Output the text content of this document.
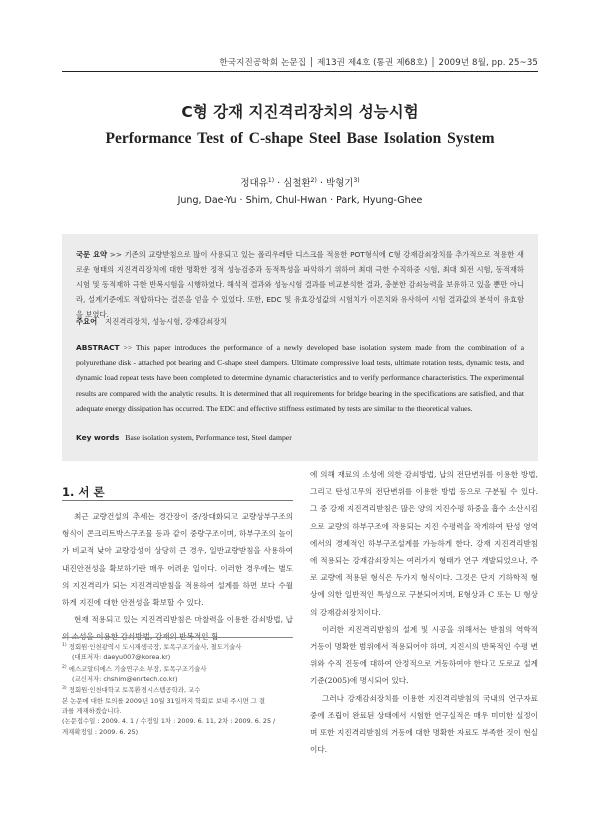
한국지진공학회 논문집 │ 제13권 제4호 (통권 제68호) │ 2009년 8월, pp. 25~35
C형 강재 지진격리장치의 성능시험
Performance Test of C-shape Steel Base Isolation System
정대유$^{1)}$ · 심철환$^{2)}$ · 박형기$^{3)}$
Jung, Dae-Yu · Shim, Chul-Hwan · Park, Hyung-Ghee
국문 요약 >> 기존의 교량받침으로 많이 사용되고 있는 폴리우레탄 디스크를 적용한 POT형식에 C형 강재감쇠장치를 추가적으로 적용한 새로운 형태의 지진격리장치에 대한 명확한 정적 성능검증과 동적특성을 파악하기 위하여 최대 극한 수직하중 시험, 최대 회전 시험, 동적재하 시험 및 동적재하 극한 반복시험을 시행하였다. 해석적 결과와 성능시험 결과를 비교분석한 결과, 충분한 감쇠능력을 보유하고 있을 뿐만 아니라, 설계기준에도 적합하다는 결론을 얻을 수 있었다. 또한, EDC 및 유효강성값의 시험치가 이론치와 유사하여 시험 결과값의 분석이 유효함을 보였다.
주요어 지진격리장치, 성능시험, 강재감쇠장치
ABSTRACT >> This paper introduces the performance of a newly developed base isolation system made from the combination of a polyurethane disk - attached pot bearing and C-shape steel dampers. Ultimate compressive load tests, ultimate rotation tests, dynamic tests, and dynamic load repeat tests have been completed to determine dynamic characteristics and to verify performance characteristics. The experimental results are compared with the analytic results. It is determined that all requirements for bridge bearing in the specifications are satisfied, and that adequate energy dissipation has occurred. The EDC and effective stiffness estimated by tests are similar to the theoretical values.
Key words Base isolation system, Performance test, Steel damper
1. 서 론

최근 교량건설의 추세는 경간장이 중/장대화되고 교량상부구조의 형식이 콘크리트박스구조물 등과 같이 중량구조이며, 하부구조의 높이가 비교적 낮아 교량강성이 상당히 큰 경우, 일반교량받침을 사용하여 내진안전성을 확보하기란 매우 어려운 일이다. 이러한 경우에는 별도의 지진격리가 되는 지진격리받침을 적용하여 설계를 하면 보다 수월하게 지진에 대한 안전성을 확보할 수 있다.

현재 적용되고 있는 지진격리받침은 마찰력을 이용한 감쇠방법, 납의 소성을 이용한 감쇠방법, 강재의 반복적인 휨

에 의해 재료의 소성에 의한 감쇠방법, 납의 전단변위를 이용한 방법, 그리고 탄성고무의 전단변위를 이용한 방법 등으로 구분될 수 있다. 그 중 강재 지진격리받침은 많은 양의 지진수평 하중을 흡수 소산시킴으로 교량의 하부구조에 작용되는 지진 수평력을 작게하여 탄성 영역에서의 경제적인 하부구조설계를 가능하게 한다. 강재 지진격리받침에 적용되는 강재감쇠장치는 여러가지 형태가 연구 개발되었으나, 주로 교량에 적용된 형식은 두가지 형식이다. 그것은 단지 기하학적 형상에 의한 일반적인 특성으로 구분되어지며, E형상과 C 또는 U 형상의 강재감쇠장치이다.

이러한 지진격리받침의 설계 및 시공을 위해서는 받침의 역학적 거동이 명확한 범위에서 적용되어야 하며, 지진시의 반복적인 수평 변위와 수직 진동에 대하여 안정적으로 거동하여야 한다고 도로교 설계기준(2005)에 명시되어 있다.

그러나 강재감쇠장치를 이용한 지진격리받침의 국내의 연구자료 중에 조립이 완료된 상태에서 시험한 연구실적은 매우 미미한 실정이며 또한 지진격리받침의 거동에 대한 명확한 자료도 부족한 것이 현실이다.

$^{1)}$ 정회원·인천광역시 도시재생국장, 토목구조기술사, 철도기술사
(대표저자: daeyu007@korea.kr)
$^{2)}$ 에스코알티에스 기술연구소 부장, 토목구조기술사
(교신저자: chshim@enrtech.co.kr)
$^{3)}$ 정회원·인천대학교 토목환경시스템공학과, 교수
본 논문에 대한 토의를 2009년 10월 31일까지 학회로 보내 주시면 그 결
과를 게재하겠습니다.
(논문접수일 : 2009. 4. 1 / 수정일 1차 : 2009. 6. 11, 2차 : 2009. 6. 25 /
게재확정일 : 2009. 6. 25)
